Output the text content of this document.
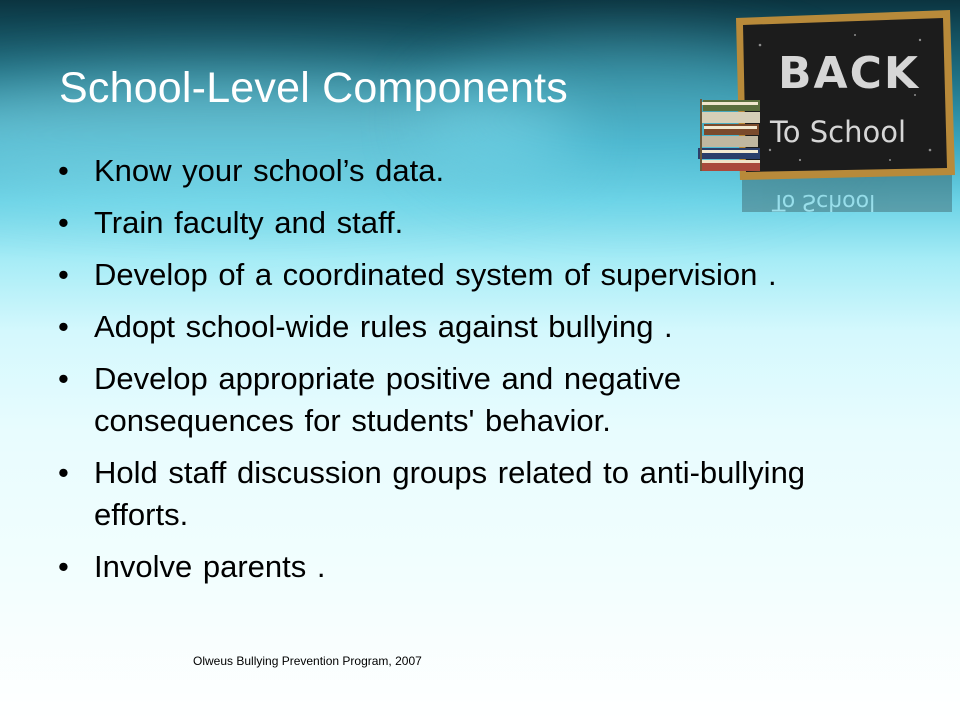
To School
BACK
To School
School-Level Components
• Know your school’s data.
• Train faculty and staff.
• Develop of a coordinated system of supervision .
• Adopt school-wide rules against bullying .
• Develop appropriate positive and negative consequences for students' behavior.
• Hold staff discussion groups related to anti-bullying efforts.
• Involve parents .
Olweus Bullying Prevention Program, 2007
